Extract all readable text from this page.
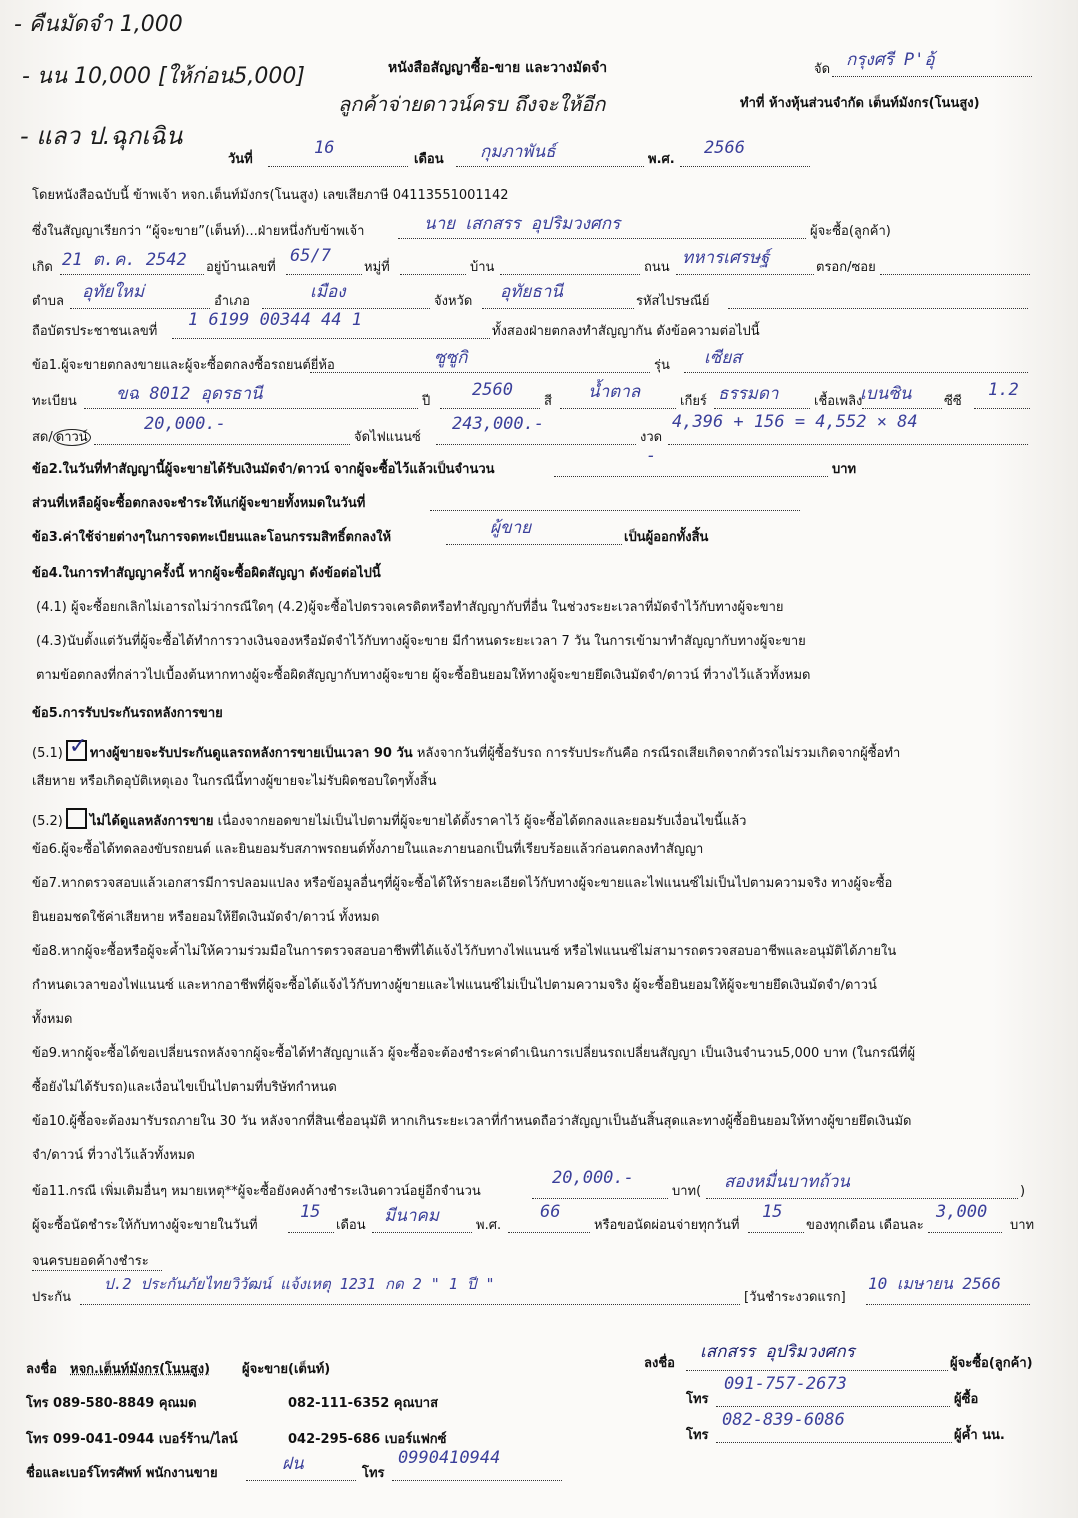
- คืนมัดจำ 1,000
- นน 10,000 [ให้ก่อน5,000]
- แลว ป.ฉุกเฉิน
หนังสือสัญญาซื้อ-ขาย และวางมัดจำ
ลูกค้าจ่ายดาวน์ครบ ถึงจะให้อีก
จัด กรุงศรี P'อุ้
ทำที่ ห้างหุ้นส่วนจำกัด เต็นท์มังกร(โนนสูง)
วันที่
16
เดือน กุมภาพันธ์	พ.ศ.
2566
โดยหนังสือฉบับนี้ ข้าพเจ้า หจก.เต็นท์มังกร(โนนสูง) เลขเสียภาษี 04113551001142
ซึ่งในสัญญาเรียกว่า “ผู้จะขาย”(เต็นท์)...ฝ่ายหนึ่งกับข้าพเจ้า	นาย เสกสรร อุปริมวงศกร	ผู้จะซื้อ(ลูกค้า)
เกิด 21 ต.ค. 2542 อยู่บ้านเลขที่
65/7
หมู่ที่	บ้าน	ถนน ทหารเศรษฐ์	ตรอก/ซอย
ตำบล อุทัยใหม่	อำเภอ	เมือง	จังหวัด อุทัยธานี	รหัสไปรษณีย์
ถือบัตรประชาชนเลขที่
1 6199 00344 44 1
ทั้งสองฝ่ายตกลงทำสัญญากัน ดังข้อความต่อไปนี้
ข้อ1.ผู้จะขายตกลงขายและผู้จะซื้อตกลงซื้อรถยนต์ยี่ห้อ	ซูซูกิ	รุ่น เซียส
ทะเบียน ขฉ 8012 อุดรธานี	ปี
2560
สี น้ำตาล	เกียร์ ธรรมดา	เชื้อเพลิง
เบนซิน	ซีซี
1.2
สด/ ดาวน์
20,000.-
จัดไฟแนนซ์
243,000.-
งวด
4,396 + 156 = 4,552 × 84
ข้อ2.ในวันที่ทำสัญญานี้ผู้จะขายได้รับเงินมัดจำ/ดาวน์ จากผู้จะซื้อไว้แล้วเป็นจำนวน
-
บาท
ส่วนที่เหลือผู้จะซื้อตกลงจะชำระให้แก่ผู้จะขายทั้งหมดในวันที่
ข้อ3.ค่าใช้จ่ายต่างๆในการจดทะเบียนและโอนกรรมสิทธิ์ตกลงให้	ผู้ขาย	เป็นผู้ออกทั้งสิ้น
ข้อ4.ในการทำสัญญาครั้งนี้ หากผู้จะซื้อผิดสัญญา ดังข้อต่อไปนี้
(4.1) ผู้จะซื้อยกเลิกไม่เอารถไม่ว่ากรณีใดๆ (4.2)ผู้จะซื้อไปตรวจเครดิตหรือทำสัญญากับที่อื่น ในช่วงระยะเวลาที่มัดจำไว้กับทางผู้จะขาย
(4.3)นับตั้งแต่วันที่ผู้จะซื้อได้ทำการวางเงินจองหรือมัดจำไว้กับทางผู้จะขาย มีกำหนดระยะเวลา 7 วัน ในการเข้ามาทำสัญญากับทางผู้จะขาย
ตามข้อตกลงที่กล่าวไปเบื้องต้นหากทางผู้จะซื้อผิดสัญญากับทางผู้จะขาย ผู้จะซื้อยินยอมให้ทางผู้จะขายยึดเงินมัดจำ/ดาวน์ ที่วางไว้แล้วทั้งหมด
ข้อ5.การรับประกันรถหลังการขาย
(5.1) ✓ ทางผู้ขายจะรับประกันดูแลรถหลังการขายเป็นเวลา 90 วัน หลังจากวันที่ผู้ซื้อรับรถ การรับประกันคือ กรณีรถเสียเกิดจากตัวรถไม่รวมเกิดจากผู้ซื้อทำ
เสียหาย หรือเกิดอุบัติเหตุเอง ในกรณีนี้ทางผู้ขายจะไม่รับผิดชอบใดๆทั้งสิ้น
(5.2) ไม่ได้ดูแลหลังการขาย เนื่องจากยอดขายไม่เป็นไปตามที่ผู้จะขายได้ตั้งราคาไว้ ผู้จะซื้อได้ตกลงและยอมรับเงื่อนไขนี้แล้ว
ข้อ6.ผู้จะซื้อได้ทดลองขับรถยนต์ และยินยอมรับสภาพรถยนต์ทั้งภายในและภายนอกเป็นที่เรียบร้อยแล้วก่อนตกลงทำสัญญา
ข้อ7.หากตรวจสอบแล้วเอกสารมีการปลอมแปลง หรือข้อมูลอื่นๆที่ผู้จะซื้อได้ให้รายละเอียดไว้กับทางผู้จะขายและไฟแนนซ์ไม่เป็นไปตามความจริง ทางผู้จะซื้อ
ยินยอมชดใช้ค่าเสียหาย หรือยอมให้ยึดเงินมัดจำ/ดาวน์ ทั้งหมด
ข้อ8.หากผู้จะซื้อหรือผู้จะค้ำไม่ให้ความร่วมมือในการตรวจสอบอาชีพที่ได้แจ้งไว้กับทางไฟแนนซ์ หรือไฟแนนซ์ไม่สามารถตรวจสอบอาชีพและอนุมัติได้ภายใน
กำหนดเวลาของไฟแนนซ์ และหากอาชีพที่ผู้จะซื้อได้แจ้งไว้กับทางผู้ขายและไฟแนนซ์ไม่เป็นไปตามความจริง ผู้จะซื้อยินยอมให้ผู้จะขายยึดเงินมัดจำ/ดาวน์
ทั้งหมด
ข้อ9.หากผู้จะซื้อได้ขอเปลี่ยนรถหลังจากผู้จะซื้อได้ทำสัญญาแล้ว ผู้จะซื้อจะต้องชำระค่าดำเนินการเปลี่ยนรถเปลี่ยนสัญญา เป็นเงินจำนวน5,000 บาท (ในกรณีที่ผู้
ซื้อยังไม่ได้รับรถ)และเงื่อนไขเป็นไปตามที่บริษัทกำหนด
ข้อ10.ผู้ซื้อจะต้องมารับรถภายใน 30 วัน หลังจากที่สินเชื่ออนุมัติ หากเกินระยะเวลาที่กำหนดถือว่าสัญญาเป็นอันสิ้นสุดและทางผู้ซื้อยินยอมให้ทางผู้ขายยึดเงินมัด
จำ/ดาวน์ ที่วางไว้แล้วทั้งหมด
ข้อ11.กรณี เพิ่มเติมอื่นๆ หมายเหตุ**ผู้จะซื้อยังคงค้างชำระเงินดาวน์อยู่อีกจำนวน
20,000.-
บาท( สองหมื่นบาทถ้วน	)
ผู้จะซื้อนัดชำระให้กับทางผู้จะขายในวันที่
15
เดือน มีนาคม	พ.ศ.
66
หรือขอนัดผ่อนจ่ายทุกวันที่
15
ของทุกเดือน เดือนละ
3,000
บาท
จนครบยอดค้างชำระ
ประกัน
ป.2 ประกันภัยไทยวิวัฒน์ แจ้งเหตุ 1231 กด 2 " 1 ปี "
[วันชำระงวดแรก]
10 เมษายน 2566
ลงชื่อ หจก.เต็นท์มังกร(โนนสูง) ผู้จะขาย(เต็นท์)
โทร 089-580-8849 คุณมด	082-111-6352 คุณบาส
โทร 099-041-0944 เบอร์ร้าน/ไลน์	042-295-686 เบอร์แฟกซ์
ชื่อและเบอร์โทรศัพท์ พนักงานขาย	ฝน	โทร
0990410944
ลงชื่อ
เสกสรร อุปริมวงศกร
ผู้จะซื้อ(ลูกค้า)
โทร
091-757-2673
ผู้ซื้อ
โทร
082-839-6086
ผู้ค้ำ นน.
